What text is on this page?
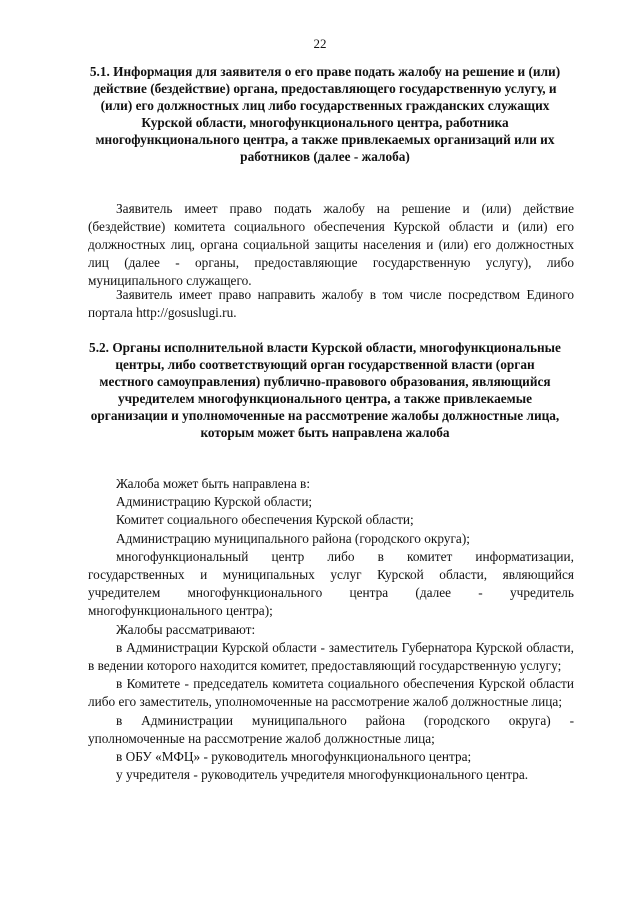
22

5.1. Информация для заявителя о его праве подать жалобу на решение и (или) действие (бездействие) органа, предоставляющего государственную услугу, и (или) его должностных лиц либо государственных гражданских служащих Курской области, многофункционального центра, работника многофункционального центра, а также привлекаемых организаций или их работников (далее - жалоба)

Заявитель имеет право подать жалобу на решение и (или) действие (бездействие) комитета социального обеспечения Курской области и (или) его должностных лиц, органа социальной защиты населения и (или) его должностных лиц (далее - органы, предоставляющие государственную услугу), либо муниципального служащего.

Заявитель имеет право направить жалобу в том числе посредством Единого портала http://gosuslugi.ru.

5.2. Органы исполнительной власти Курской области, многофункциональные центры, либо соответствующий орган государственной власти (орган местного самоуправления) публично-правового образования, являющийся учредителем многофункционального центра, а также привлекаемые организации и уполномоченные на рассмотрение жалобы должностные лица, которым может быть направлена жалоба

Жалоба может быть направлена в:

Администрацию Курской области;

Комитет социального обеспечения Курской области;

Администрацию муниципального района (городского округа);

многофункциональный центр либо в комитет информатизации, государственных и муниципальных услуг Курской области, являющийся учредителем многофункционального центра (далее - учредитель многофункционального центра);

Жалобы рассматривают:

в Администрации Курской области - заместитель Губернатора Курской области, в ведении которого находится комитет, предоставляющий государственную услугу;

в Комитете - председатель комитета социального обеспечения Курской области либо его заместитель, уполномоченные на рассмотрение жалоб должностные лица;

в Администрации муниципального района (городского округа) - уполномоченные на рассмотрение жалоб должностные лица;

в ОБУ «МФЦ» - руководитель многофункционального центра;

у учредителя - руководитель учредителя многофункционального центра.
